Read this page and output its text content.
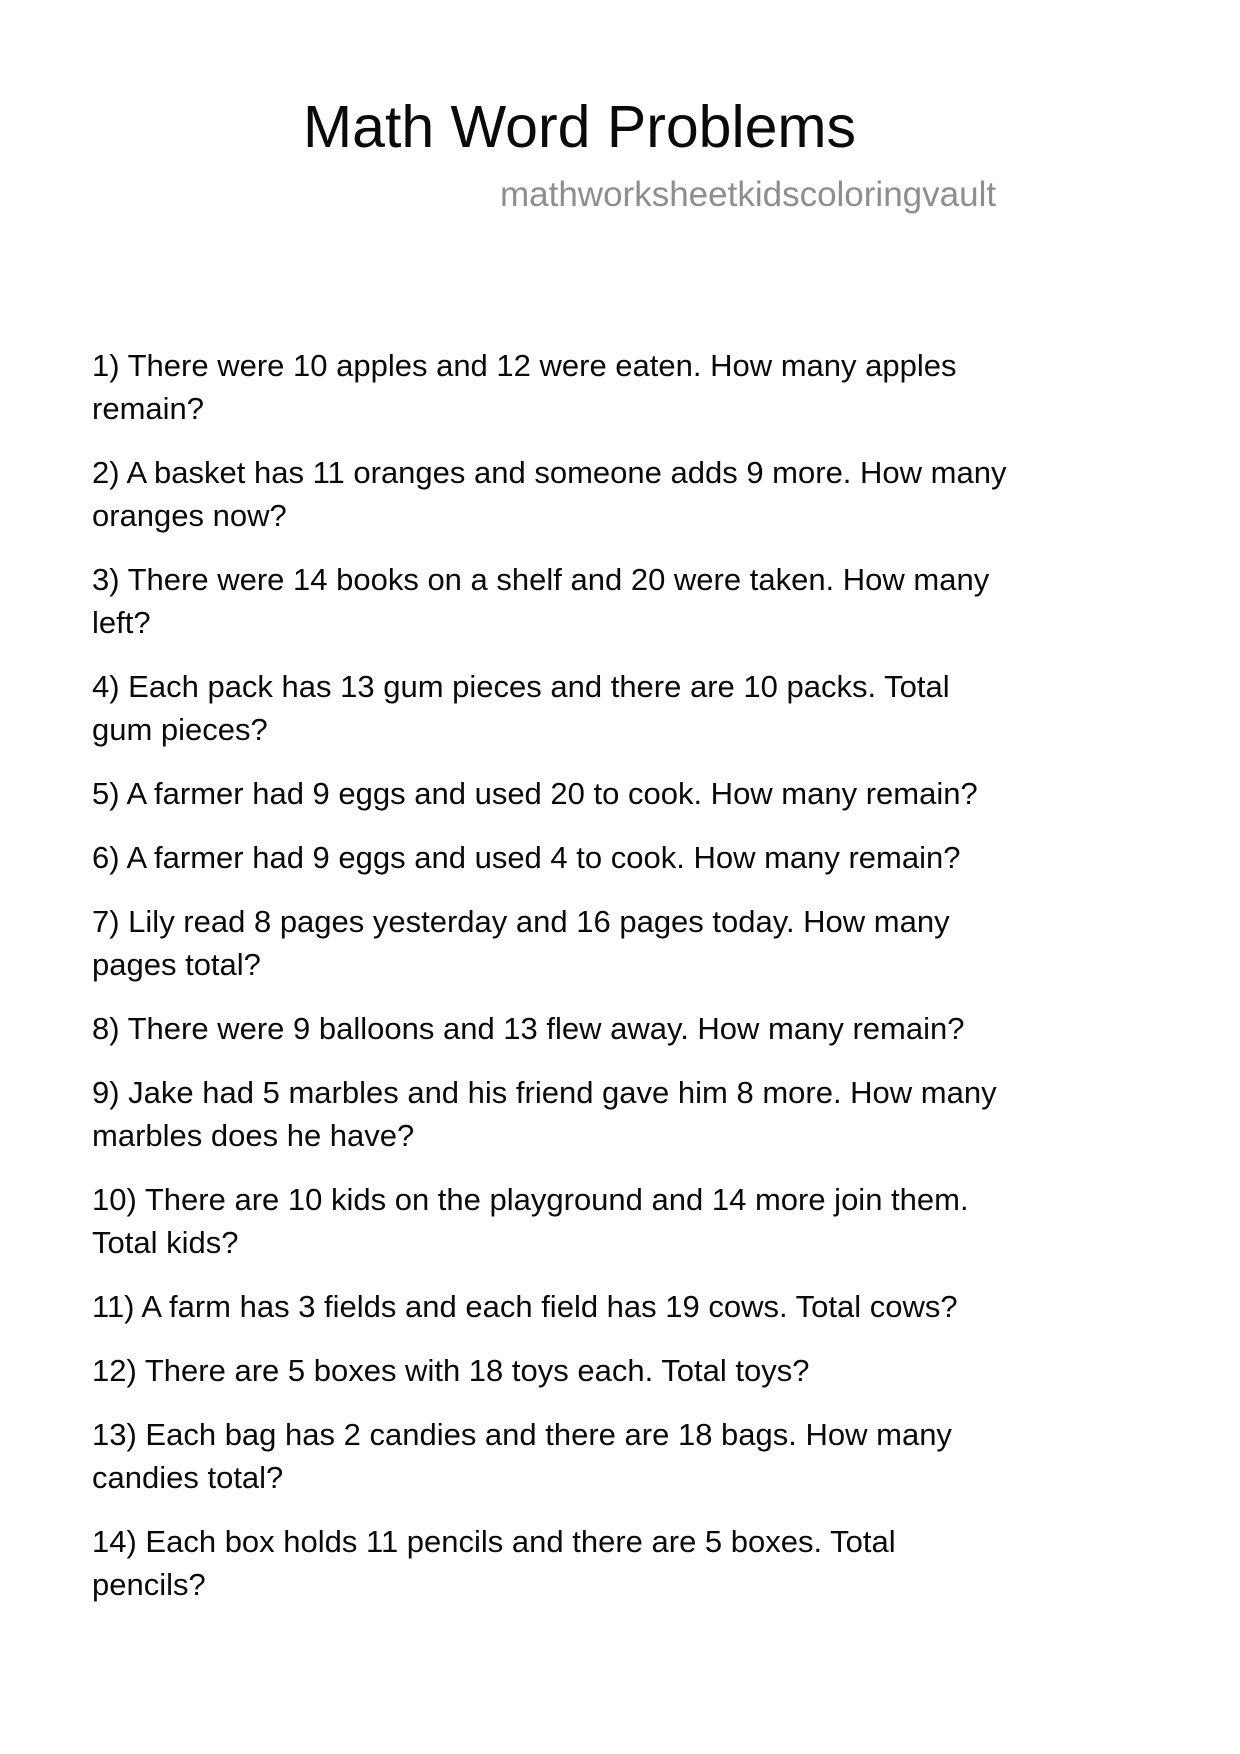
Math Word Problems
mathworksheetkidscoloringvault
1) There were 10 apples and 12 were eaten. How many apples
remain?
2) A basket has 11 oranges and someone adds 9 more. How many
oranges now?
3) There were 14 books on a shelf and 20 were taken. How many
left?
4) Each pack has 13 gum pieces and there are 10 packs. Total
gum pieces?
5) A farmer had 9 eggs and used 20 to cook. How many remain?
6) A farmer had 9 eggs and used 4 to cook. How many remain?
7) Lily read 8 pages yesterday and 16 pages today. How many
pages total?
8) There were 9 balloons and 13 flew away. How many remain?
9) Jake had 5 marbles and his friend gave him 8 more. How many
marbles does he have?
10) There are 10 kids on the playground and 14 more join them.
Total kids?
11) A farm has 3 fields and each field has 19 cows. Total cows?
12) There are 5 boxes with 18 toys each. Total toys?
13) Each bag has 2 candies and there are 18 bags. How many
candies total?
14) Each box holds 11 pencils and there are 5 boxes. Total
pencils?
